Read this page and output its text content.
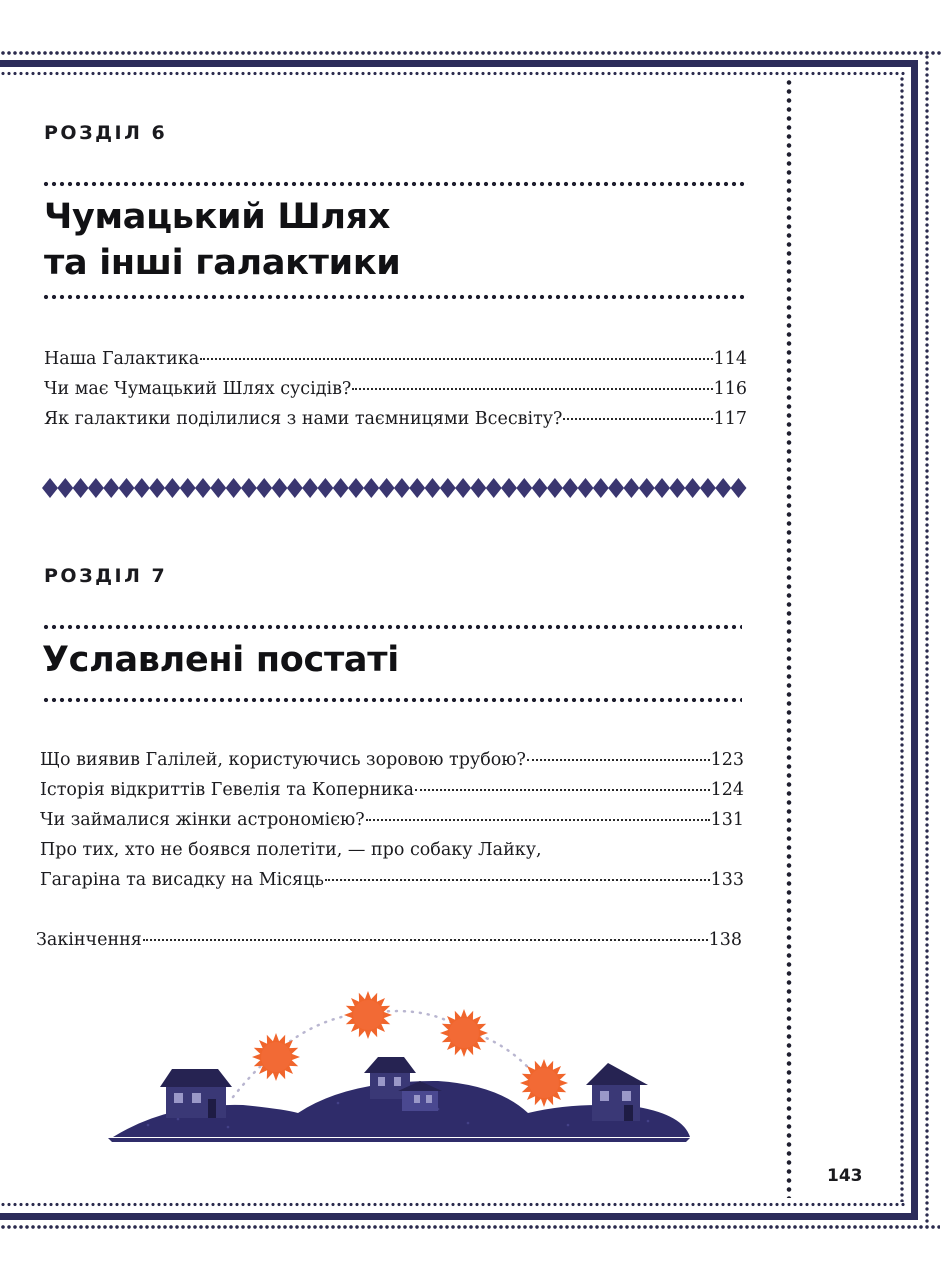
РОЗДІЛ 6
Чумацький Шлях
та інші галактики
Наша Галактика	114
Чи має Чумацький Шлях сусідів?	116
Як галактики поділилися з нами таємницями Всесвіту?	117
РОЗДІЛ 7
Уславлені постаті
Що виявив Галілей, користуючись зоровою трубою?	123
Історія відкриттів Гевелія та Коперника	124
Чи займалися жінки астрономією?	131
Про тих, хто не боявся полетіти, — про собаку Лайку,
Гагаріна та висадку на Місяць	133
Закінчення	138
143
